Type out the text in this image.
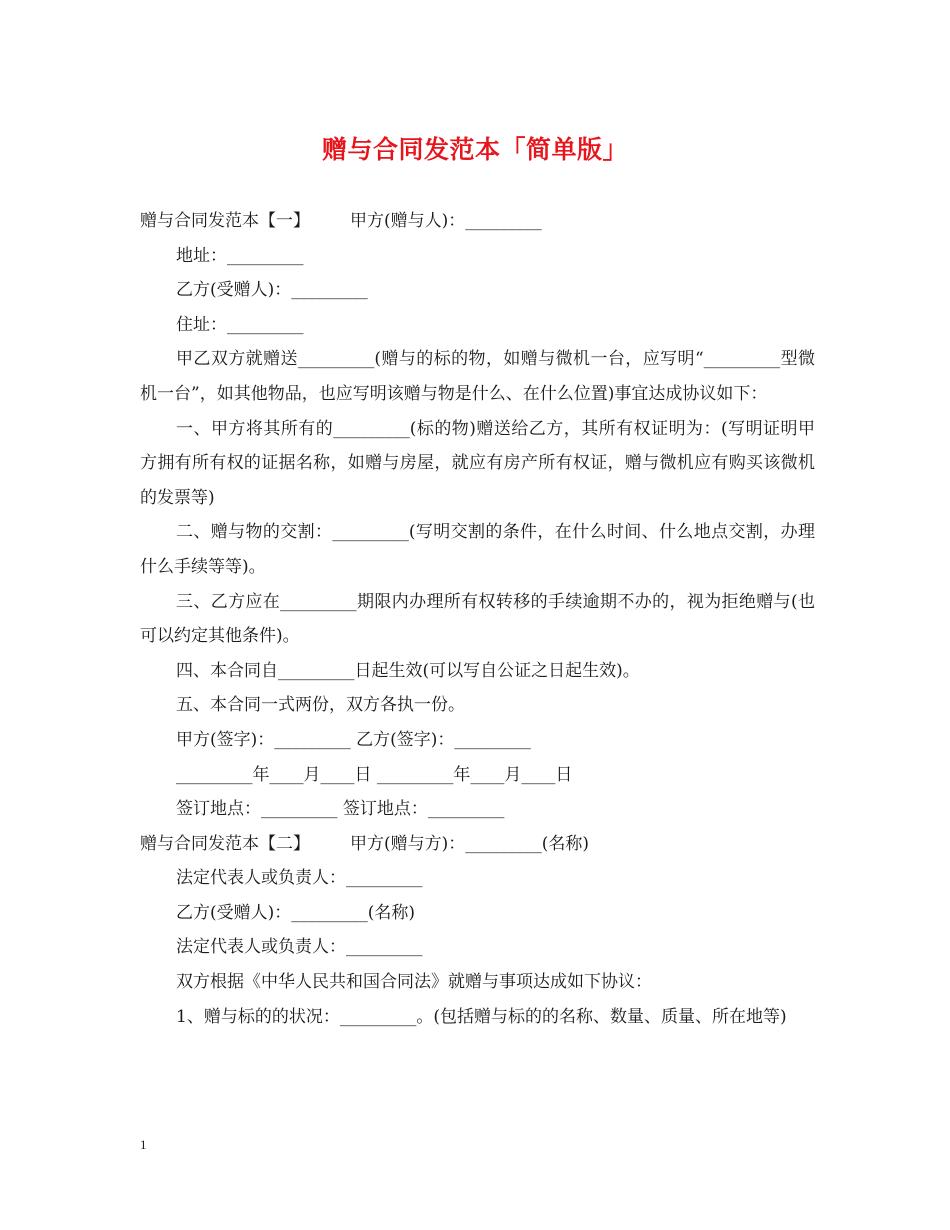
赠与合同发范本「简单版」

赠与合同发范本【一】 甲方(赠与人)：_________

地址：_________

乙方(受赠人)：_________

住址：_________

甲乙双方就赠送_________(赠与的标的物，如赠与微机一台，应写明“_________型微机一台”，如其他物品，也应写明该赠与物是什么、在什么位置)事宜达成协议如下：

一、甲方将其所有的_________(标的物)赠送给乙方，其所有权证明为：(写明证明甲方拥有所有权的证据名称，如赠与房屋，就应有房产所有权证，赠与微机应有购买该微机的发票等)

二、赠与物的交割：_________(写明交割的条件，在什么时间、什么地点交割，办理什么手续等等)。

三、乙方应在_________期限内办理所有权转移的手续逾期不办的，视为拒绝赠与(也可以约定其他条件)。

四、本合同自_________日起生效(可以写自公证之日起生效)。

五、本合同一式两份，双方各执一份。

甲方(签字)：_________ 乙方(签字)：_________

_________年____月____日 _________年____月____日

签订地点：_________ 签订地点：_________

赠与合同发范本【二】 甲方(赠与方)：_________(名称)

法定代表人或负责人：_________

乙方(受赠人)：_________(名称)

法定代表人或负责人：_________

双方根据《中华人民共和国合同法》就赠与事项达成如下协议：

1、赠与标的的状况：_________。(包括赠与标的的名称、数量、质量、所在地等)

1
